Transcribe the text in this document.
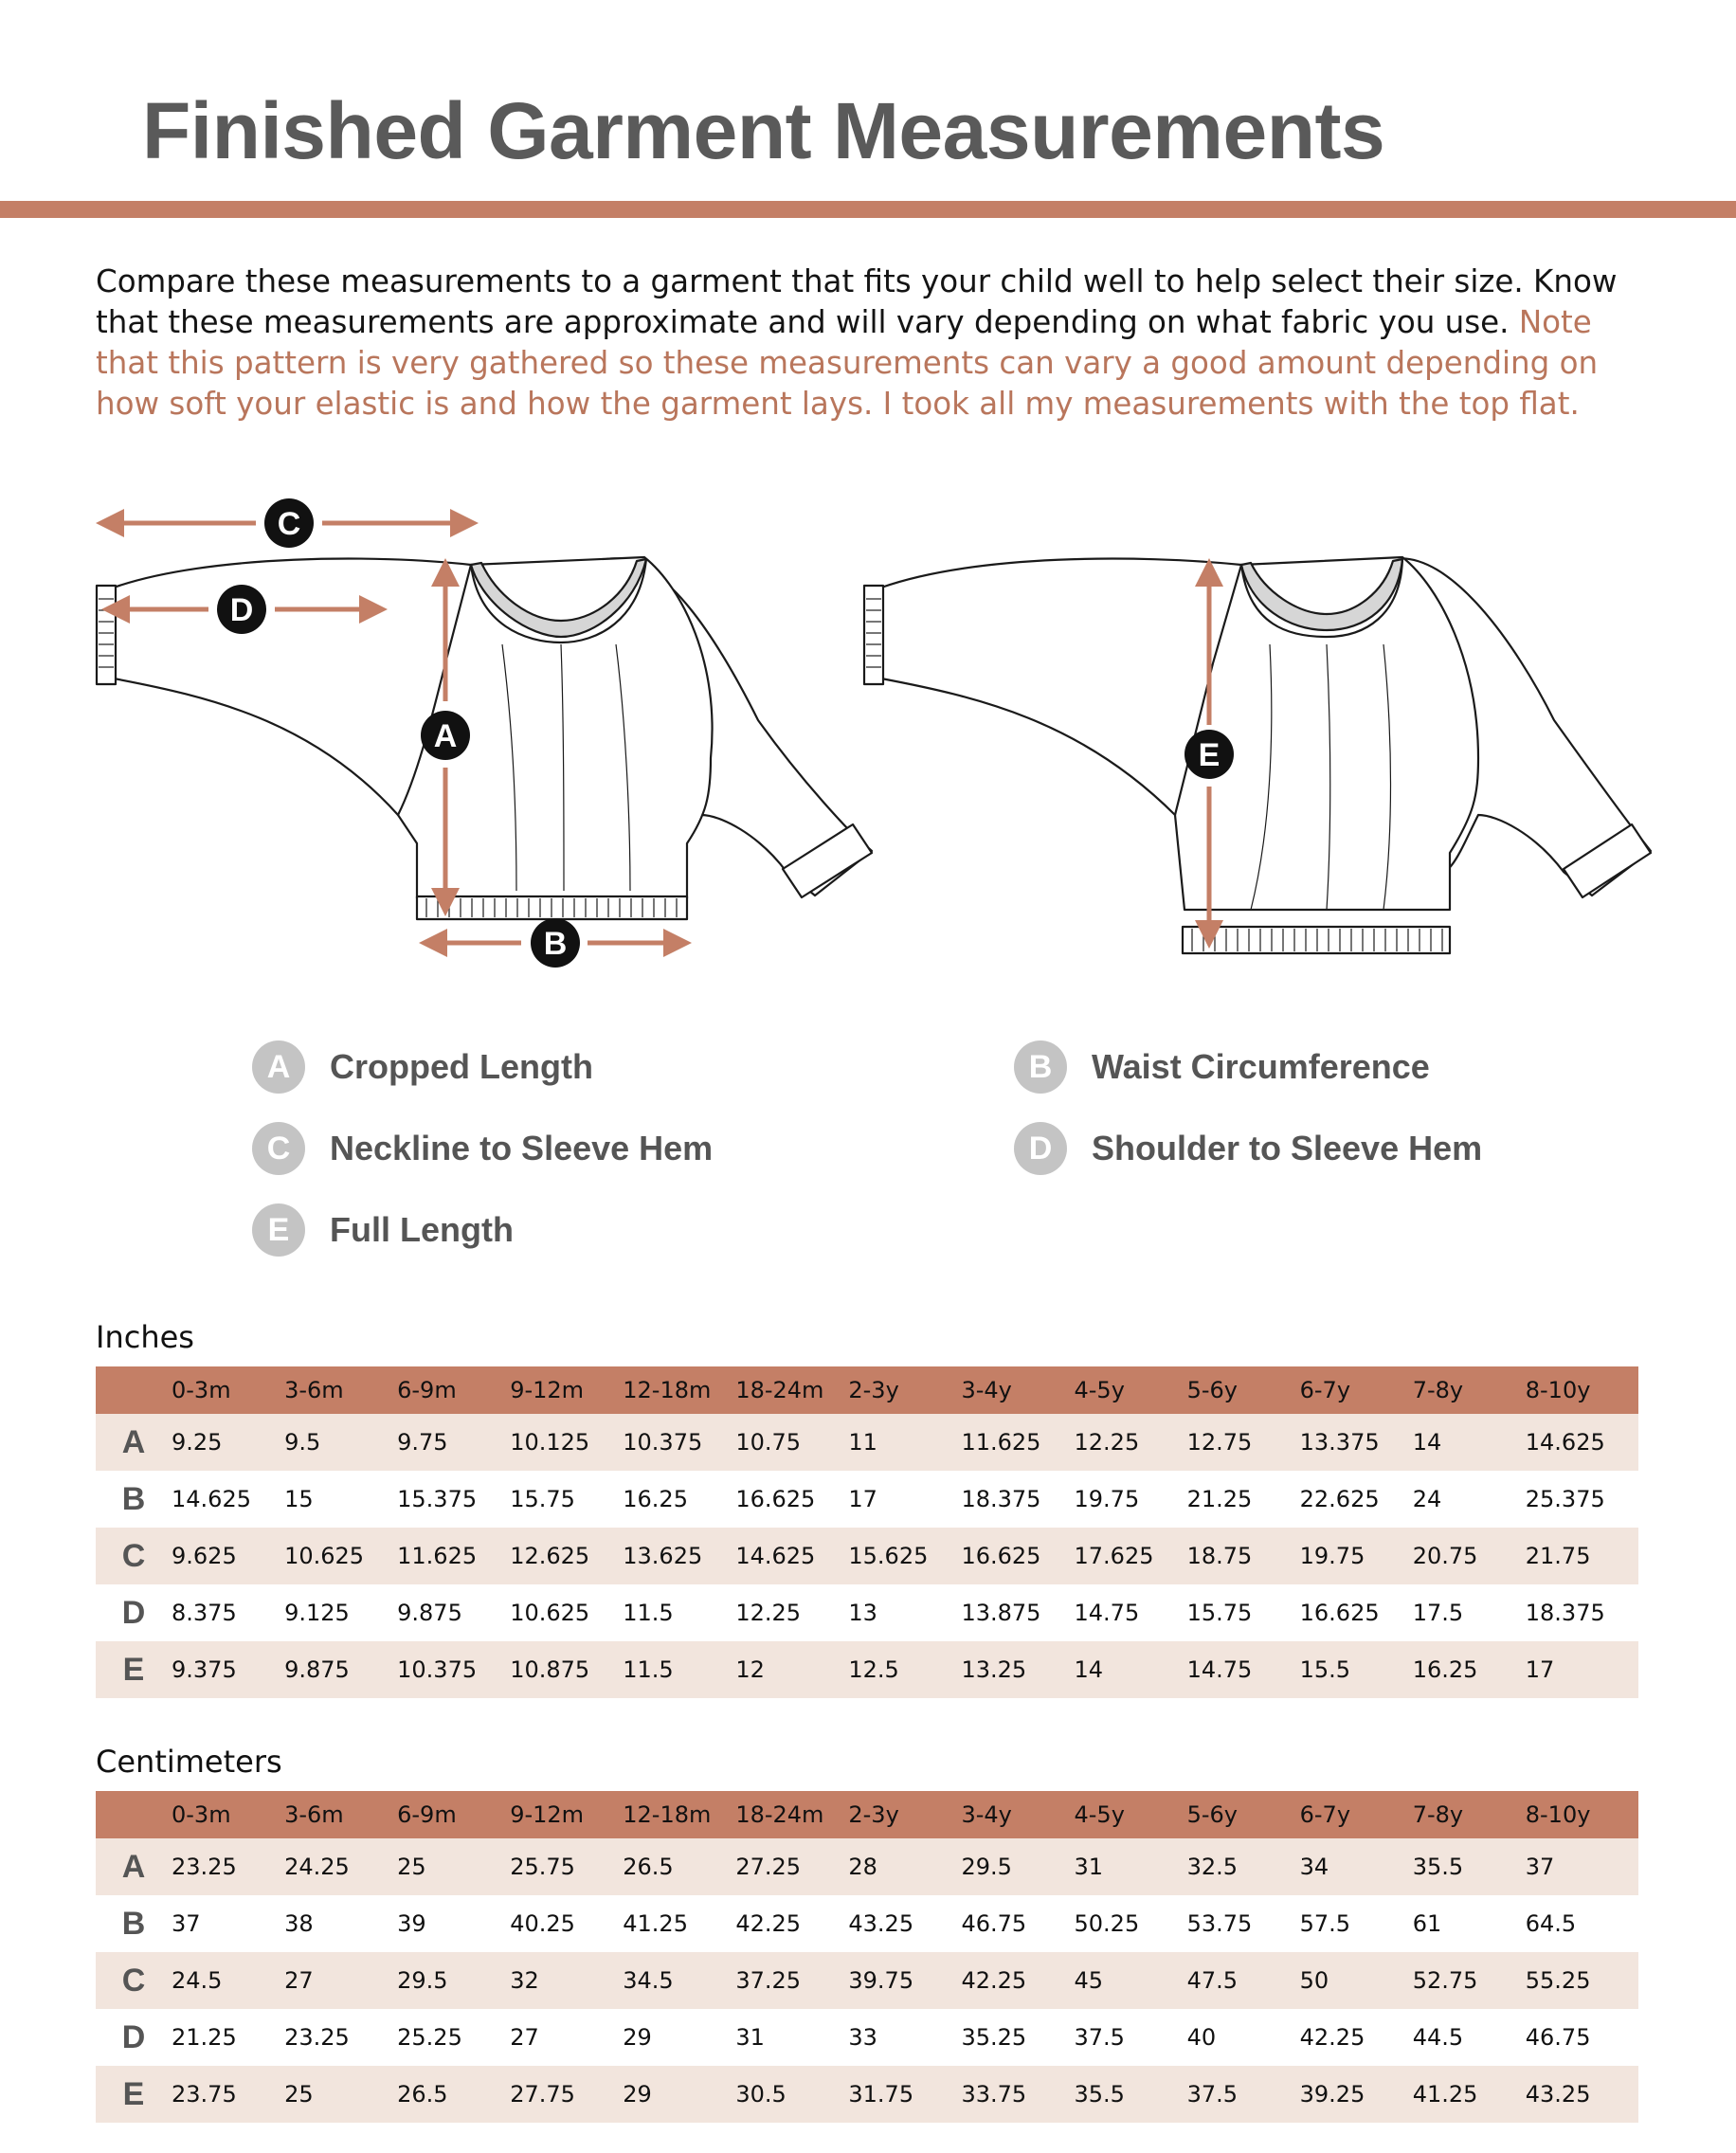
Finished Garment Measurements

Compare these measurements to a garment that fits your child well to help select their size. Know that these measurements are approximate and will vary depending on what fabric you use. Note that this pattern is very gathered so these measurements can vary a good amount depending on how soft your elastic is and how the garment lays. I took all my measurements with the top flat.

C
D
A
B
E
A	Cropped Length	B	Waist Circumference
C	Neckline to Sleeve Hem	D	Shoulder to Sleeve Hem
E	Full Length
Inches
	0-3m	3-6m	6-9m	9-12m	12-18m	18-24m	2-3y	3-4y	4-5y	5-6y	6-7y	7-8y	8-10y
A	9.25	9.5	9.75	10.125	10.375	10.75	11	11.625	12.25	12.75	13.375	14	14.625
B	14.625	15	15.375	15.75	16.25	16.625	17	18.375	19.75	21.25	22.625	24	25.375
C	9.625	10.625	11.625	12.625	13.625	14.625	15.625	16.625	17.625	18.75	19.75	20.75	21.75
D	8.375	9.125	9.875	10.625	11.5	12.25	13	13.875	14.75	15.75	16.625	17.5	18.375
E	9.375	9.875	10.375	10.875	11.5	12	12.5	13.25	14	14.75	15.5	16.25	17
Centimeters
	0-3m	3-6m	6-9m	9-12m	12-18m	18-24m	2-3y	3-4y	4-5y	5-6y	6-7y	7-8y	8-10y
A	23.25	24.25	25	25.75	26.5	27.25	28	29.5	31	32.5	34	35.5	37
B	37	38	39	40.25	41.25	42.25	43.25	46.75	50.25	53.75	57.5	61	64.5
C	24.5	27	29.5	32	34.5	37.25	39.75	42.25	45	47.5	50	52.75	55.25
D	21.25	23.25	25.25	27	29	31	33	35.25	37.5	40	42.25	44.5	46.75
E	23.75	25	26.5	27.75	29	30.5	31.75	33.75	35.5	37.5	39.25	41.25	43.25
